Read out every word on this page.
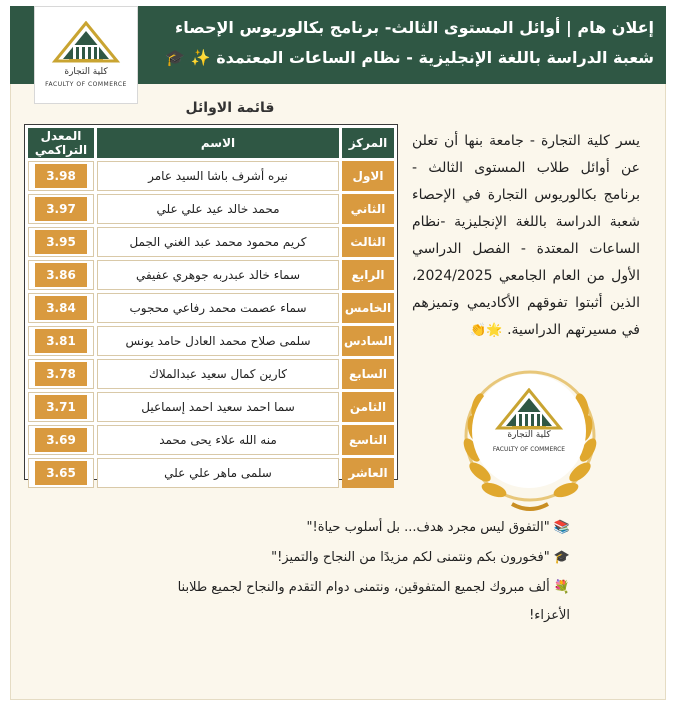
إعلان هام | أوائل المستوى الثالث- برنامج بكالوريوس الإحصاء
شعبة الدراسة باللغة الإنجليزية - نظام الساعات المعتمدة ✨ 🎓
كلية التجارة
FACULTY OF COMMERCE
قائمة الاوائل
المركز	الاسم	المعدل التراكمي
الاول	نيره أشرف باشا السيد عامر	3.98
الثاني	محمد خالد عيد علي علي	3.97
الثالث	كريم محمود محمد عبد الغني الجمل	3.95
الرابع	سماء خالد عبدربه جوهري عفيفي	3.86
الخامس	سماء عصمت محمد رفاعي محجوب	3.84
السادس	سلمى صلاح محمد العادل حامد يونس	3.81
السابع	كارين كمال سعيد عبدالملاك	3.78
الثامن	سما احمد سعيد احمد إسماعيل	3.71
التاسع	منه الله علاء يحى محمد	3.69
العاشر	سلمى ماهر علي علي	3.65
يسر كلية التجارة - جامعة بنها أن تعلن عن أوائل طلاب المستوى الثالث - برنامج بكالوريوس التجارة في الإحصاء شعبة الدراسة باللغة الإنجليزية -نظام الساعات المعتدة - الفصل الدراسي الأول من العام الجامعي 2024/2025، الذين أثبتوا تفوقهم الأكاديمي وتميزهم في مسيرتهم الدراسية. 🌟👏
كلية التجارة
FACULTY OF COMMERCE
📚 "التفوق ليس مجرد هدف... بل أسلوب حياة!"
🎓 "فخورون بكم ونتمنى لكم مزيدًا من النجاح والتميز!"
💐 ألف مبروك لجميع المتفوقين، ونتمنى دوام التقدم والنجاح لجميع طلابنا
الأعزاء!
